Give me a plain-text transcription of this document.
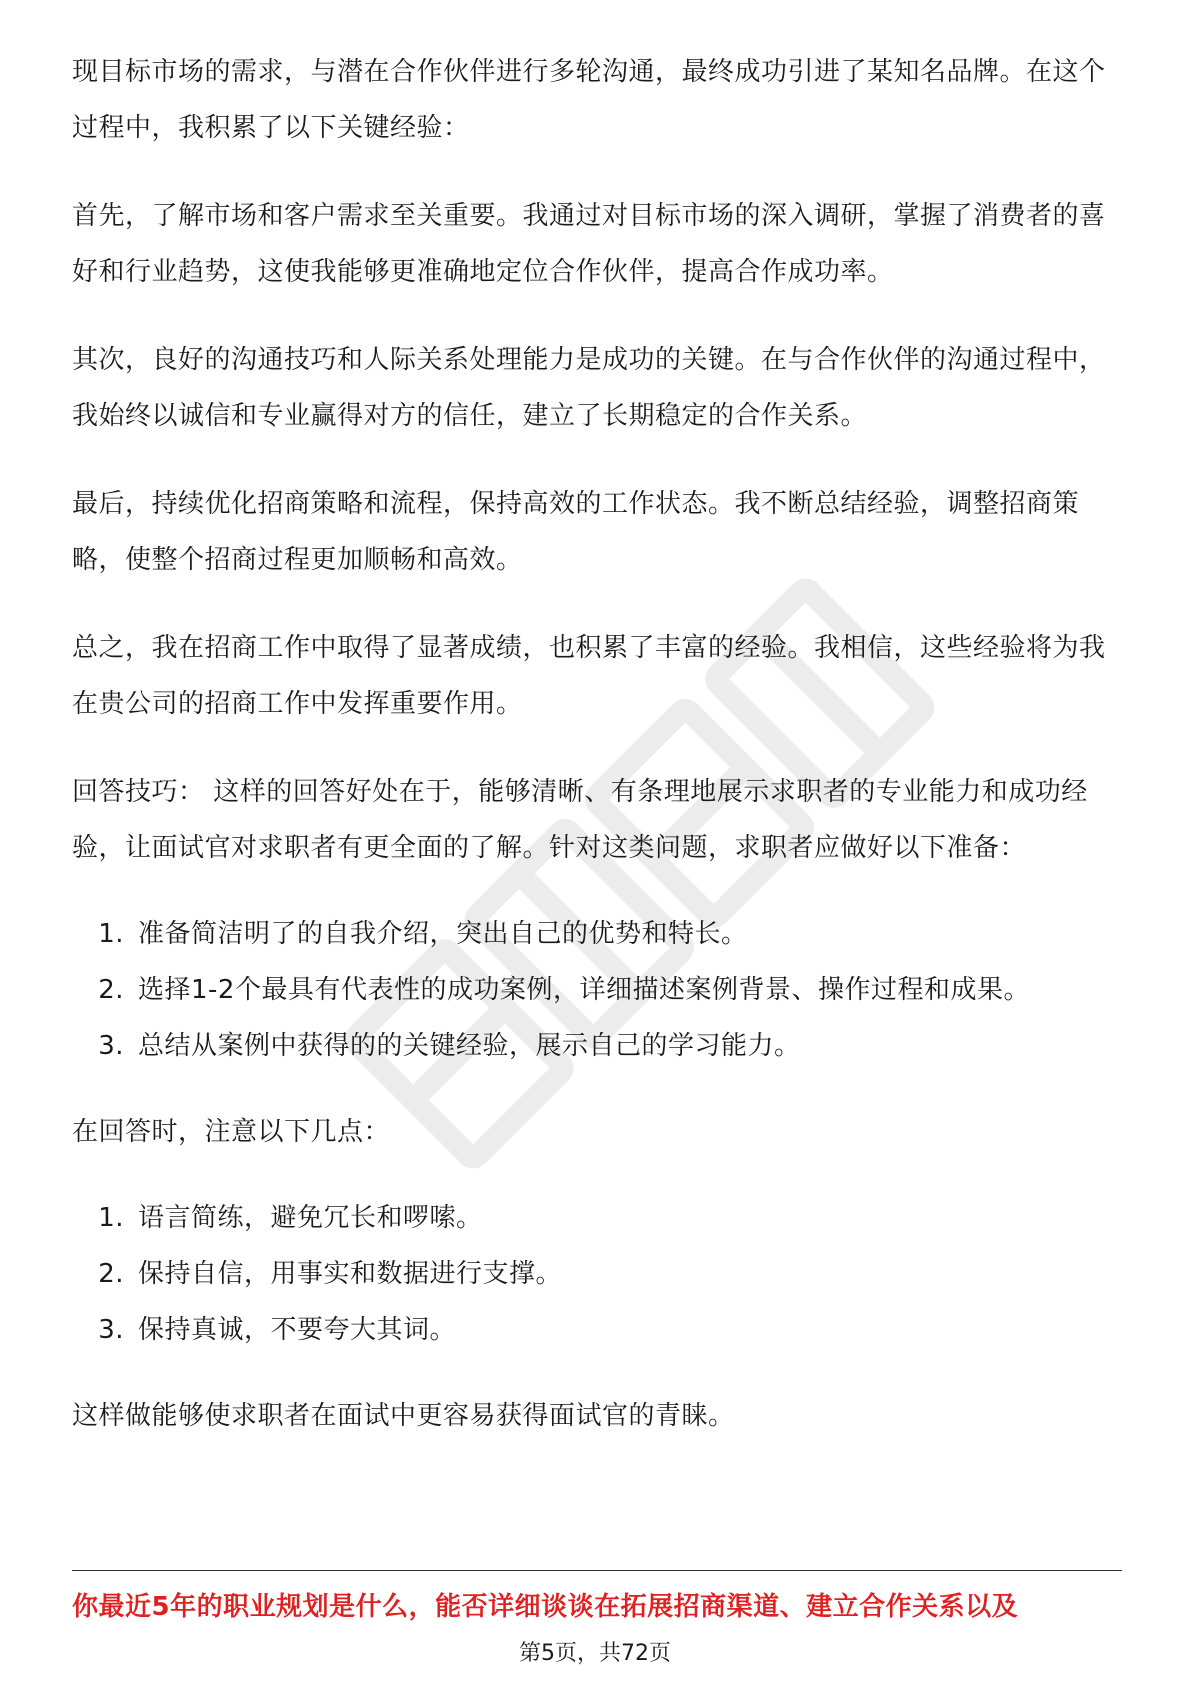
现目标市场的需求，与潜在合作伙伴进行多轮沟通，最终成功引进了某知名品牌。在这个过程中，我积累了以下关键经验：

首先，了解市场和客户需求至关重要。我通过对目标市场的深入调研，掌握了消费者的喜好和行业趋势，这使我能够更准确地定位合作伙伴，提高合作成功率。

其次，良好的沟通技巧和人际关系处理能力是成功的关键。在与合作伙伴的沟通过程中，我始终以诚信和专业赢得对方的信任，建立了长期稳定的合作关系。

最后，持续优化招商策略和流程，保持高效的工作状态。我不断总结经验，调整招商策略，使整个招商过程更加顺畅和高效。

总之，我在招商工作中取得了显著成绩，也积累了丰富的经验。我相信，这些经验将为我在贵公司的招商工作中发挥重要作用。

回答技巧： 这样的回答好处在于，能够清晰、有条理地展示求职者的专业能力和成功经验，让面试官对求职者有更全面的了解。针对这类问题，求职者应做好以下准备：

1. 准备简洁明了的自我介绍，突出自己的优势和特长。
2. 选择1-2个最具有代表性的成功案例，详细描述案例背景、操作过程和成果。
3. 总结从案例中获得的的关键经验，展示自己的学习能力。

在回答时，注意以下几点：

1. 语言简练，避免冗长和啰嗦。
2. 保持自信，用事实和数据进行支撑。
3. 保持真诚，不要夸大其词。

这样做能够使求职者在面试中更容易获得面试官的青睐。

你最近5年的职业规划是什么，能否详细谈谈在拓展招商渠道、建立合作关系以及
第5页，共72页
